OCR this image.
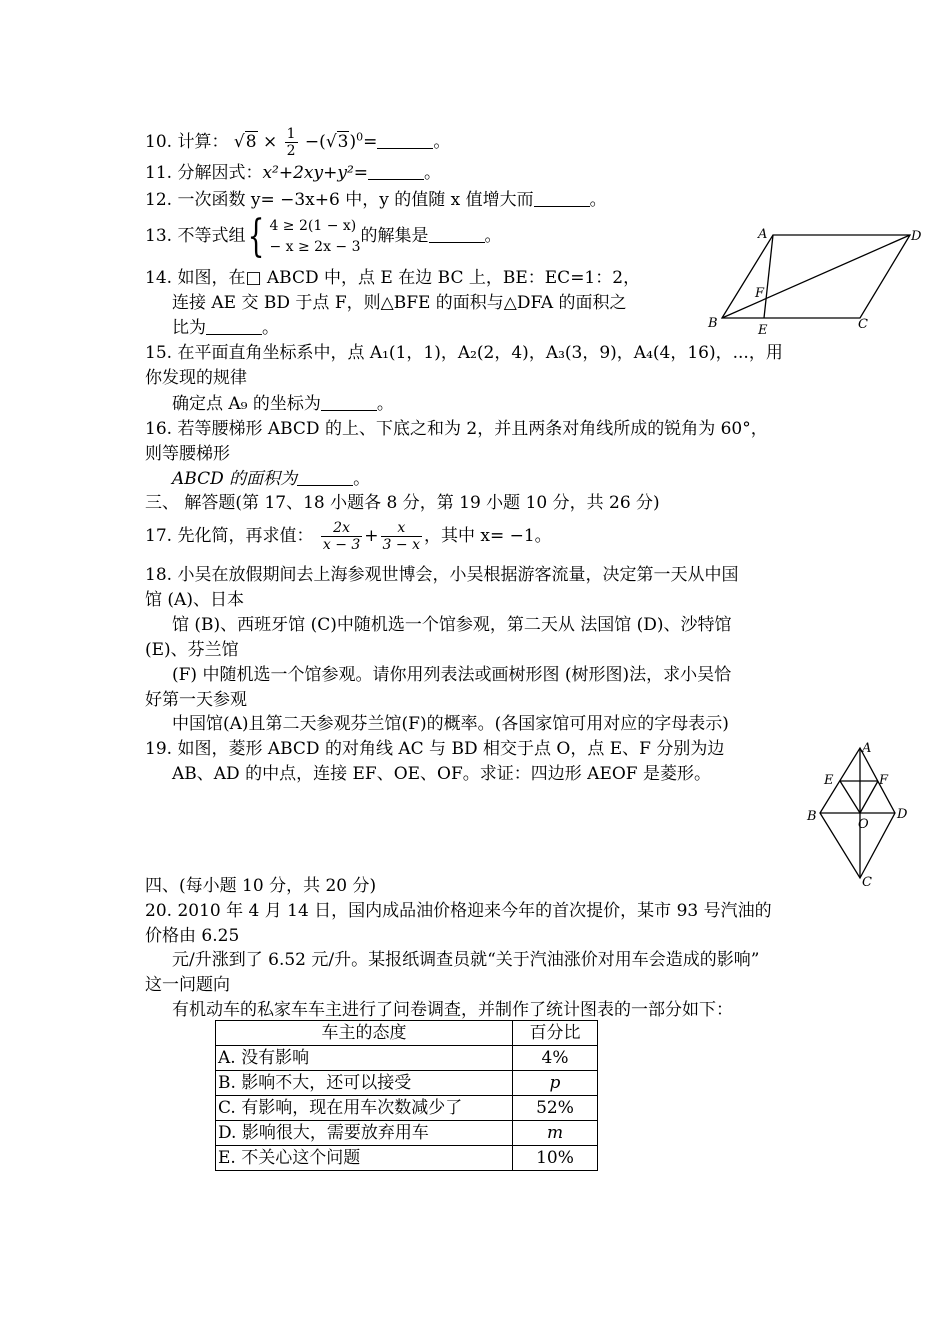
10. 计算： $√8 \times \frac{1}{2} -(√3)^0=$	。
11. 分解因式：x²+2xy+y²=	。
12. 一次函数 y= −3x+6 中，y 的值随 x 值增大而	。
13. 不等式组{ 4 ≥ 2(1 − x)
− x ≥ 2x − 3
的解集是	。
14. 如图，在□ ABCD 中，点 E 在边 BC 上，BE：EC=1：2，
连接 AE 交 BD 于点 F，则△BFE 的面积与△DFA 的面积之
比为	。
A	D
B	C
E
F
15. 在平面直角坐标系中，点 A₁(1，1)，A₂(2，4)，A₃(3，9)，A₄(4，16)，...，用
你发现的规律
确定点 A₉ 的坐标为	。
16. 若等腰梯形 ABCD 的上、下底之和为 2，并且两条对角线所成的锐角为 60°，
则等腰梯形
ABCD 的面积为	。
三、 解答题(第 17、18 小题各 8 分，第 19 小题 10 分，共 26 分)
17. 先化简，再求值： $\frac{2x}{x - 3} + \frac{x}{3 - x}$ ，其中 x= −1。
18. 小吴在放假期间去上海参观世博会，小吴根据游客流量，决定第一天从中国
馆 (A)、日本
馆 (B)、西班牙馆 (C)中随机选一个馆参观，第二天从 法国馆 (D)、沙特馆
(E)、芬兰馆
(F) 中随机选一个馆参观。请你用列表法或画树形图 (树形图)法，求小吴恰
好第一天参观
中国馆(A)且第二天参观芬兰馆(F)的概率。(各国家馆可用对应的字母表示)
19. 如图，菱形 ABCD 的对角线 AC 与 BD 相交于点 O，点 E、F 分别为边
AB、AD 的中点，连接 EF、OE、OF。求证：四边形 AEOF 是菱形。
A
E	F
B	D
O
C
四、(每小题 10 分，共 20 分)
20. 2010 年 4 月 14 日，国内成品油价格迎来今年的首次提价，某市 93 号汽油的
价格由 6.25
元/升涨到了 6.52 元/升。某报纸调查员就“关于汽油涨价对用车会造成的影响”
这一问题向
有机动车的私家车车主进行了问卷调查，并制作了统计图表的一部分如下：
车主的态度	百分比
A. 没有影响	4%
B. 影响不大，还可以接受	p
C. 有影响，现在用车次数减少了	52%
D. 影响很大，需要放弃用车	m
E. 不关心这个问题	10%
